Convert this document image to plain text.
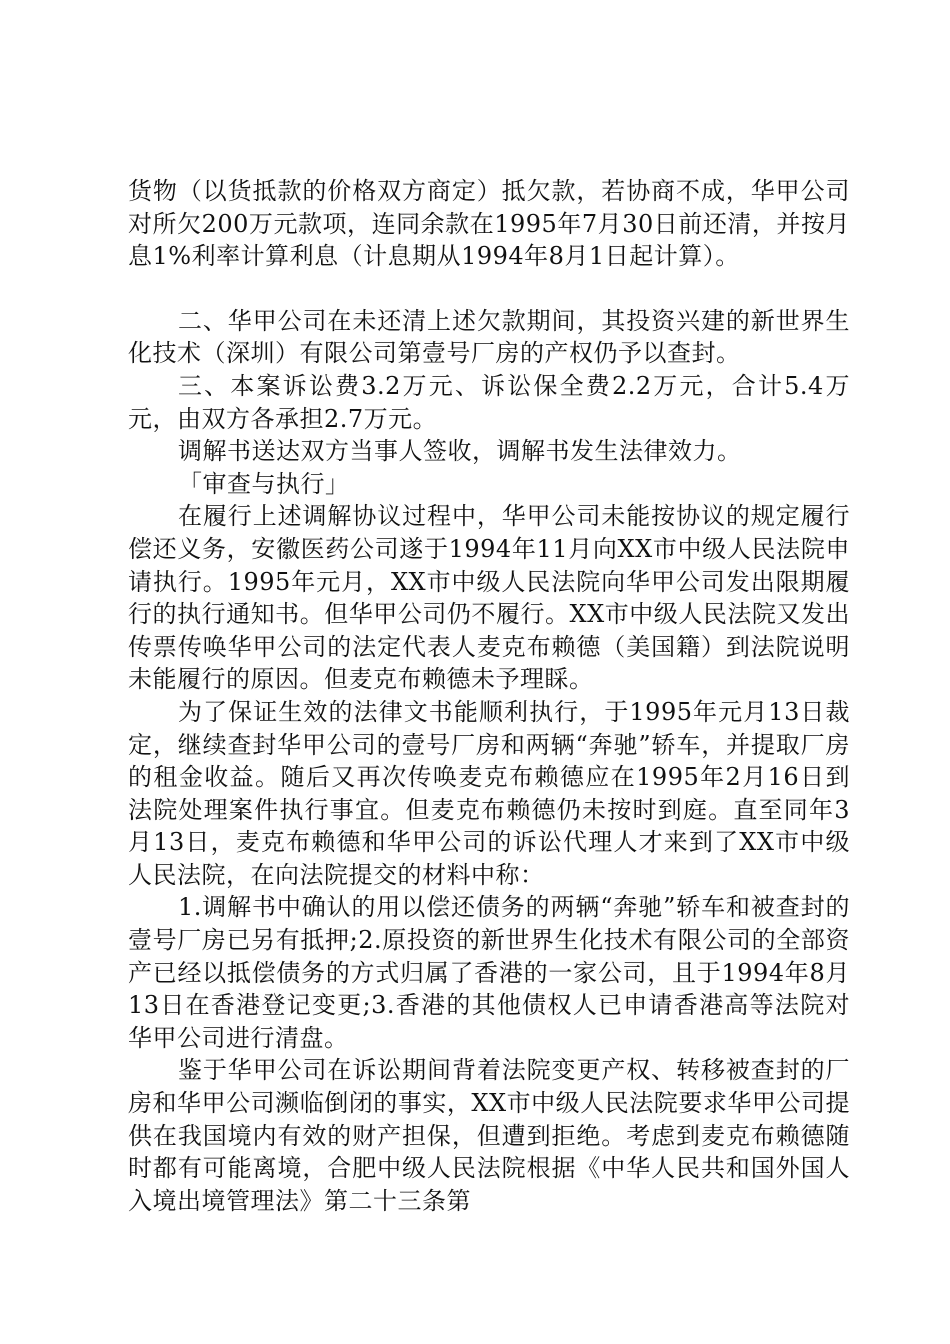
货物（以货抵款的价格双方商定）抵欠款，若协商不成，华甲公司对所欠200万元款项，连同余款在1995年7月30日前还清，并按月息1%利率计算利息（计息期从1994年8月1日起计算）。

二、华甲公司在未还清上述欠款期间，其投资兴建的新世界生化技术（深圳）有限公司第壹号厂房的产权仍予以查封。

三、本案诉讼费3.2万元、诉讼保全费2.2万元，合计5.4万元，由双方各承担2.7万元。

调解书送达双方当事人签收，调解书发生法律效力。

「审查与执行」

在履行上述调解协议过程中，华甲公司未能按协议的规定履行偿还义务，安徽医药公司遂于1994年11月向XX市中级人民法院申请执行。1995年元月，XX市中级人民法院向华甲公司发出限期履行的执行通知书。但华甲公司仍不履行。XX市中级人民法院又发出传票传唤华甲公司的法定代表人麦克布赖德（美国籍）到法院说明未能履行的原因。但麦克布赖德未予理睬。

为了保证生效的法律文书能顺利执行，于1995年元月13日裁定，继续查封华甲公司的壹号厂房和两辆“奔驰”轿车，并提取厂房的租金收益。随后又再次传唤麦克布赖德应在1995年2月16日到法院处理案件执行事宜。但麦克布赖德仍未按时到庭。直至同年3月13日，麦克布赖德和华甲公司的诉讼代理人才来到了XX市中级人民法院，在向法院提交的材料中称：

1.调解书中确认的用以偿还债务的两辆“奔驰”轿车和被查封的壹号厂房已另有抵押;2.原投资的新世界生化技术有限公司的全部资产已经以抵偿债务的方式归属了香港的一家公司，且于1994年8月13日在香港登记变更;3.香港的其他债权人已申请香港高等法院对华甲公司进行清盘。

鉴于华甲公司在诉讼期间背着法院变更产权、转移被查封的厂房和华甲公司濒临倒闭的事实，XX市中级人民法院要求华甲公司提供在我国境内有效的财产担保，但遭到拒绝。考虑到麦克布赖德随时都有可能离境，合肥中级人民法院根据《中华人民共和国外国人入境出境管理法》第二十三条第
